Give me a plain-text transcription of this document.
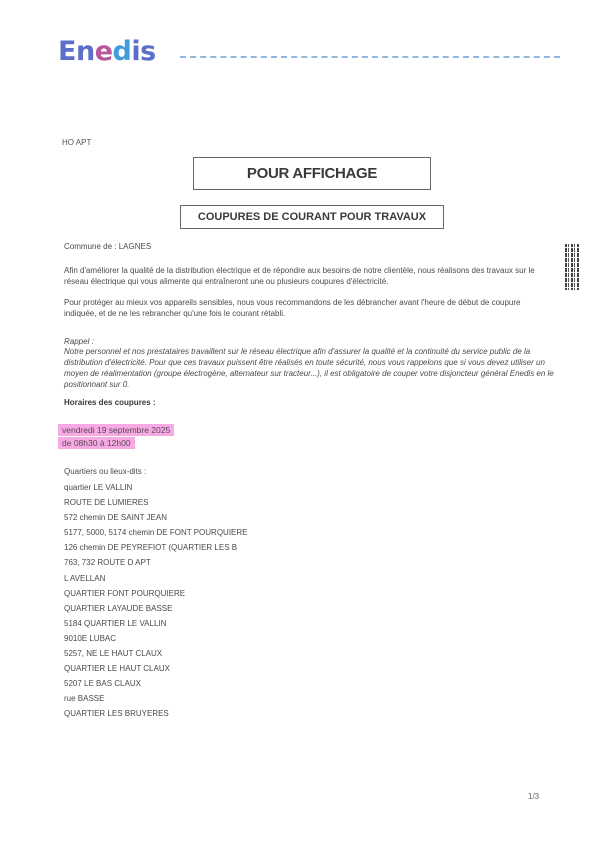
Enedis
HO APT
POUR AFFICHAGE
COUPURES DE COURANT POUR TRAVAUX
Commune de : LAGNES
Afin d'améliorer la qualité de la distribution électrique et de répondre aux besoins de notre clientèle, nous réalisons des travaux sur le réseau électrique qui vous alimente qui entraîneront une ou plusieurs coupures d'électricité.
Pour protéger au mieux vos appareils sensibles, nous vous recommandons de les débrancher avant l'heure de début de coupure indiquée, et de ne les rebrancher qu'une fois le courant rétabli.
Rappel :
Notre personnel et nos prestataires travaillent sur le réseau électrique afin d'assurer la qualité et la continuité du service public de la distribution d'électricité. Pour que ces travaux puissent être réalisés en toute sécurité, nous vous rappelons que si vous devez utiliser un moyen de réalimentation (groupe électrogène, alternateur sur tracteur...), il est obligatoire de couper votre disjoncteur général Enedis en le positionnant sur 0.
Horaires des coupures :
vendredi 19 septembre 2025
de 08h30 à 12h00
Quartiers ou lieux-dits :
quartier LE VALLIN
ROUTE DE LUMIERES
572 chemin DE SAINT JEAN
5177, 5000, 5174 chemin DE FONT POURQUIERE
126 chemin DE PEYREFIOT (QUARTIER LES B
763, 732 ROUTE D APT
L AVELLAN
QUARTIER FONT POURQUIERE
QUARTIER LAYAUDE BASSE
5184 QUARTIER LE VALLIN
9010E LUBAC
5257, NE LE HAUT CLAUX
QUARTIER LE HAUT CLAUX
5207 LE BAS CLAUX
rue BASSE
QUARTIER LES BRUYERES
1/3
